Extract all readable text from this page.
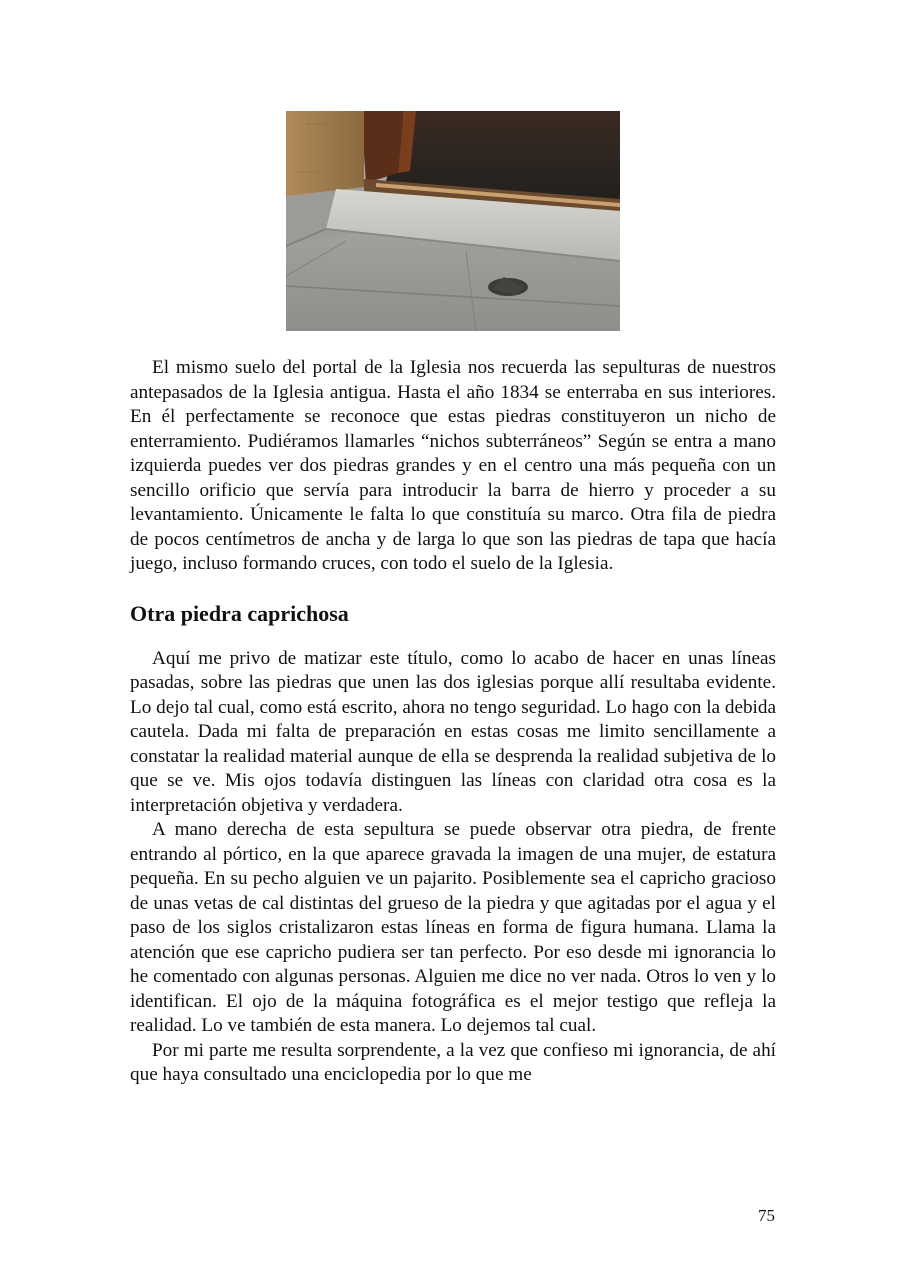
El mismo suelo del portal de la Iglesia nos recuerda las sepulturas de nuestros antepasados de la Iglesia antigua. Hasta el año 1834 se enterraba en sus interiores. En él perfectamente se reconoce que estas piedras constituyeron un nicho de enterramiento. Pudiéramos llamarles “nichos subterráneos” Según se entra a mano izquierda puedes ver dos piedras grandes y en el centro una más pequeña con un sencillo orificio que servía para introducir la barra de hierro y proceder a su levantamiento. Únicamente le falta lo que constituía su marco. Otra fila de piedra de pocos centímetros de ancha y de larga lo que son las piedras de tapa que hacía juego, incluso formando cruces, con todo el suelo de la Iglesia.

Otra piedra caprichosa

Aquí me privo de matizar este título, como lo acabo de hacer en unas líneas pasadas, sobre las piedras que unen las dos iglesias porque allí resultaba evidente. Lo dejo tal cual, como está escrito, ahora no tengo seguridad. Lo hago con la debida cautela. Dada mi falta de preparación en estas cosas me limito sencillamente a constatar la realidad material aunque de ella se desprenda la realidad subjetiva de lo que se ve. Mis ojos todavía distinguen las líneas con claridad otra cosa es la interpretación objetiva y verdadera.

A mano derecha de esta sepultura se puede observar otra piedra, de frente entrando al pórtico, en la que aparece gravada la imagen de una mujer, de estatura pequeña. En su pecho alguien ve un pajarito. Posiblemente sea el capricho gracioso de unas vetas de cal distintas del grueso de la piedra y que agitadas por el agua y el paso de los siglos cristalizaron estas líneas en forma de figura humana. Llama la atención que ese capricho pudiera ser tan perfecto. Por eso desde mi ignorancia lo he comentado con algunas personas. Alguien me dice no ver nada. Otros lo ven y lo identifican. El ojo de la máquina fotográfica es el mejor testigo que refleja la realidad. Lo ve también de esta manera. Lo dejemos tal cual.

Por mi parte me resulta sorprendente, a la vez que confieso mi ignorancia, de ahí que haya consultado una enciclopedia por lo que me

75
